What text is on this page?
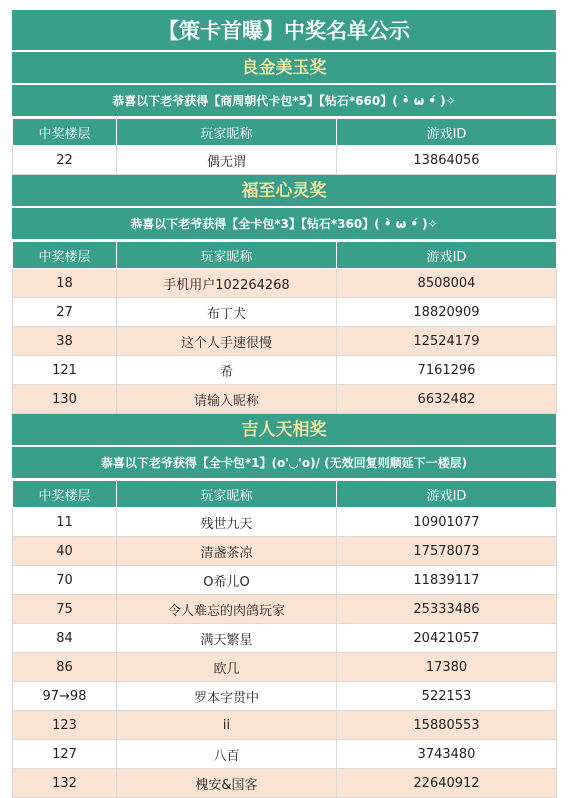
【策卡首曝】中奖名单公示
良金美玉奖
恭喜以下老爷获得【商周朝代卡包*5】【钻石*660】( •̀ ω •́ )✧
中奖楼层	玩家昵称	游戏ID
22	偶无谓	13864056
福至心灵奖
恭喜以下老爷获得【全卡包*3】【钻石*360】( •̀ ω •́ )✧
中奖楼层	玩家昵称	游戏ID
18	手机用户102264268	8508004
27	布丁犬	18820909
38	这个人手速很慢	12524179
121	希	7161296
130	请输入昵称	6632482
吉人天相奖
恭喜以下老爷获得【全卡包*1】(o'◡'o)/ (无效回复则顺延下一楼层)
中奖楼层	玩家昵称	游戏ID
11	残世九天	10901077
40	清盏茶凉	17578073
70	O希儿O	11839117
75	令人难忘的肉鸽玩家	25333486
84	满天繁星	20421057
86	欧几	17380
97→98	罗本字贯中	522153
123	ii	15880553
127	八百	3743480
132	槐安&国客	22640912
